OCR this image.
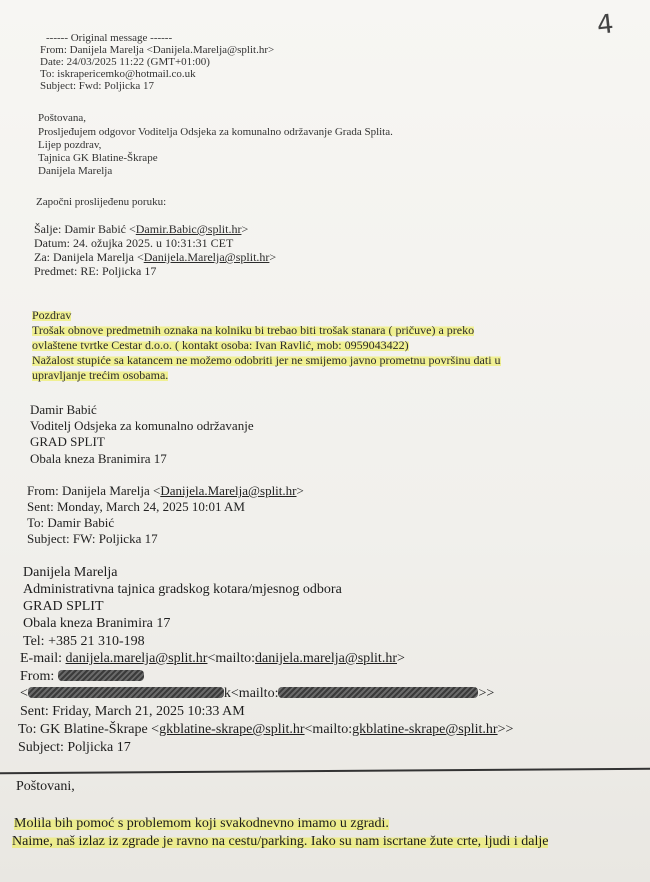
4
------ Original message ------
From: Danijela Marelja <Danijela.Marelja@split.hr>
Date: 24/03/2025 11:22 (GMT+01:00)
To: iskrapericemko@hotmail.co.uk
Subject: Fwd: Poljicka 17
Poštovana,
Prosljeđujem odgovor Voditelja Odsjeka za komunalno održavanje Grada Splita.
Lijep pozdrav,
Tajnica GK Blatine-Škrape
Danijela Marelja
Započni proslijeđenu poruku:
Šalje: Damir Babić <Damir.Babic@split.hr>
Datum: 24. ožujka 2025. u 10:31:31 CET
Za: Danijela Marelja <Danijela.Marelja@split.hr>
Predmet: RE: Poljicka 17
Pozdrav
Trošak obnove predmetnih oznaka na kolniku bi trebao biti trošak stanara ( pričuve) a preko
ovlaštene tvrtke Cestar d.o.o. ( kontakt osoba: Ivan Ravlić, mob: 0959043422)
Nažalost stupiće sa katancem ne možemo odobriti jer ne smijemo javno prometnu površinu dati u
upravljanje trećim osobama.
Damir Babić
Voditelj Odsjeka za komunalno održavanje
GRAD SPLIT
Obala kneza Branimira 17
From: Danijela Marelja <Danijela.Marelja@split.hr>
Sent: Monday, March 24, 2025 10:01 AM
To: Damir Babić
Subject: FW: Poljicka 17
Danijela Marelja
Administrativna tajnica gradskog kotara/mjesnog odbora
GRAD SPLIT
Obala kneza Branimira 17
Tel: +385 21 310-198
E-mail: danijela.marelja@split.hr<mailto:danijela.marelja@split.hr>
From:
<	k<mailto:	>>
Sent: Friday, March 21, 2025 10:33 AM
To: GK Blatine-Škrape <gkblatine-skrape@split.hr<mailto:gkblatine-skrape@split.hr>>
Subject: Poljicka 17
Poštovani,
Molila bih pomoć s problemom koji svakodnevno imamo u zgradi.
Naime, naš izlaz iz zgrade je ravno na cestu/parking. Iako su nam iscrtane žute crte, ljudi i dalje
